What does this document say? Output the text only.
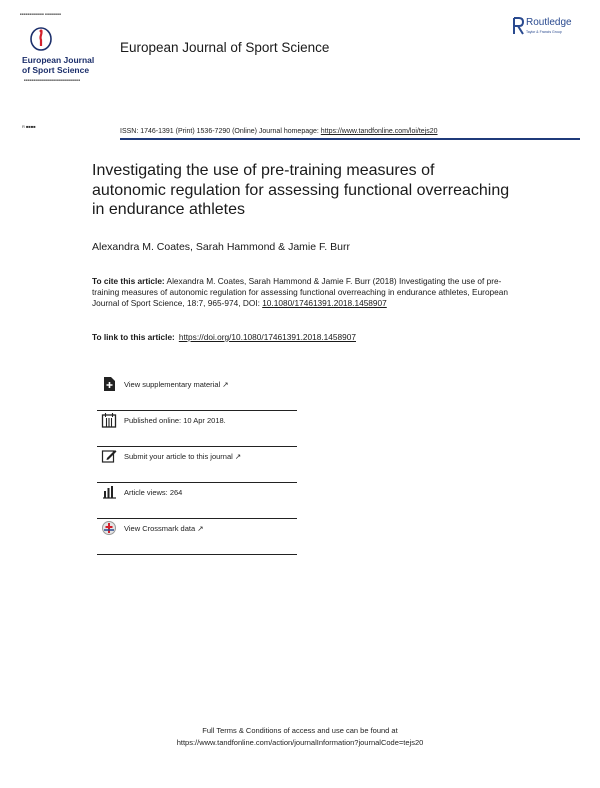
■■■■■■■■■■■■ ■■■■■■■■
European Journal
of Sport Science
■■■■■■■■■■■■■■■■■■■■■■■■■■■■
European Journal of Sport Science
Routledge
Taylor & Francis Group
R ■■■■
ISSN: 1746-1391 (Print) 1536-7290 (Online) Journal homepage: https://www.tandfonline.com/loi/tejs20
Investigating the use of pre-training measures of autonomic regulation for assessing functional overreaching in endurance athletes
Alexandra M. Coates, Sarah Hammond & Jamie F. Burr
To cite this article: Alexandra M. Coates, Sarah Hammond & Jamie F. Burr (2018) Investigating the use of pre-training measures of autonomic regulation for assessing functional overreaching in endurance athletes, European Journal of Sport Science, 18:7, 965-974, DOI: 10.1080/17461391.2018.1458907
To link to this article: https://doi.org/10.1080/17461391.2018.1458907
View supplementary material ↗
Published online: 10 Apr 2018.
Submit your article to this journal ↗
Article views: 264
View Crossmark data ↗
Full Terms & Conditions of access and use can be found at
https://www.tandfonline.com/action/journalInformation?journalCode=tejs20
